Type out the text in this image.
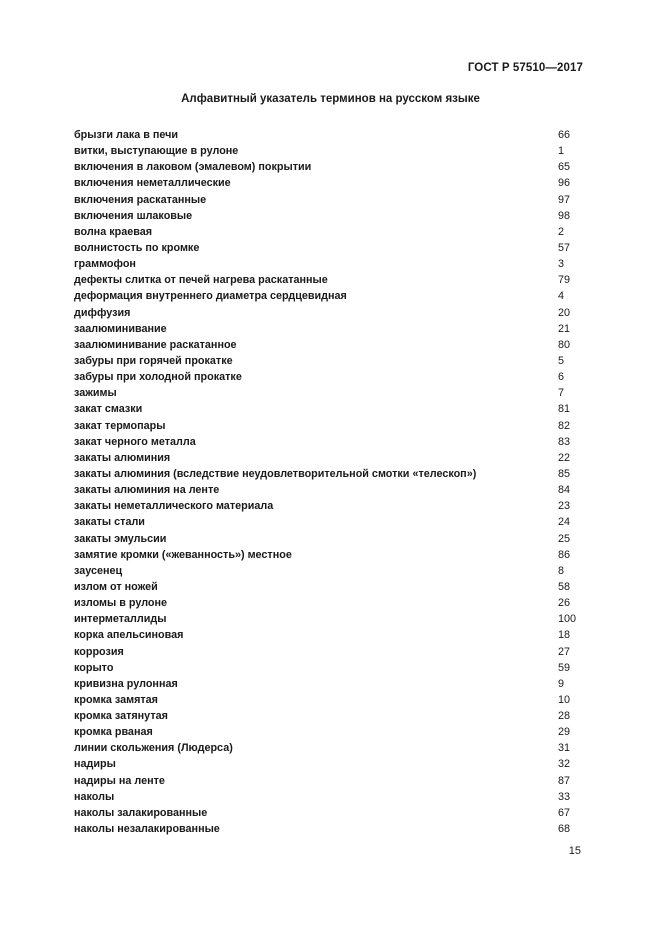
ГОСТ Р 57510—2017
Алфавитный указатель терминов на русском языке
брызги лака в печи	66
витки, выступающие в рулоне	1
включения в лаковом (эмалевом) покрытии	65
включения неметаллические	96
включения раскатанные	97
включения шлаковые	98
волна краевая	2
волнистость по кромке	57
граммофон	3
дефекты слитка от печей нагрева раскатанные	79
деформация внутреннего диаметра сердцевидная	4
диффузия	20
заалюминивание	21
заалюминивание раскатанное	80
забуры при горячей прокатке	5
забуры при холодной прокатке	6
зажимы	7
закат смазки	81
закат термопары	82
закат черного металла	83
закаты алюминия	22
закаты алюминия (вследствие неудовлетворительной смотки «телескоп»)	85
закаты алюминия на ленте	84
закаты неметаллического материала	23
закаты стали	24
закаты эмульсии	25
замятие кромки («жеванность») местное	86
заусенец	8
излом от ножей	58
изломы в рулоне	26
интерметаллиды	100
корка апельсиновая	18
коррозия	27
корыто	59
кривизна рулонная	9
кромка замятая	10
кромка затянутая	28
кромка рваная	29
линии скольжения (Людерса)	31
надиры	32
надиры на ленте	87
наколы	33
наколы залакированные	67
наколы незалакированные	68
15
